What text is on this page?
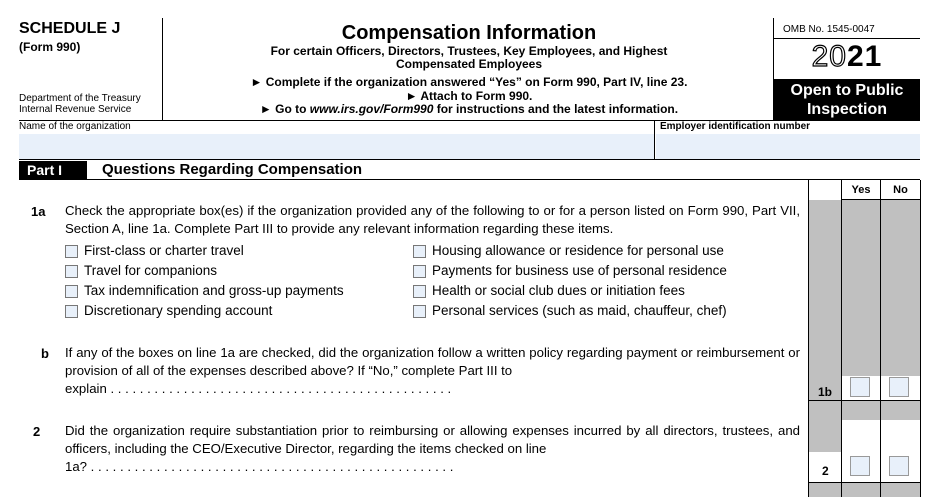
SCHEDULE J
(Form 990)
Department of the Treasury
Internal Revenue Service
Compensation Information
For certain Officers, Directors, Trustees, Key Employees, and Highest
Compensated Employees
► Complete if the organization answered “Yes” on Form 990, Part IV, line 23.
► Attach to Form 990.
► Go to www.irs.gov/Form990 for instructions and the latest information.
OMB No. 1545-0047
2021
Open to Public
Inspection
Name of the organization	Employer identification number
Part I	Questions Regarding Compensation
Yes	No
1a Check the appropriate box(es) if the organization provided any of the following to or for a person listed on Form 990, Part VII, Section A, line 1a. Complete Part III to provide any relevant information regarding these items.
First-class or charter travel
Travel for companions
Tax indemnification and gross-up payments
Discretionary spending account
Housing allowance or residence for personal use
Payments for business use of personal residence
Health or social club dues or initiation fees
Personal services (such as maid, chauffeur, chef)
b If any of the boxes on line 1a are checked, did the organization follow a written policy regarding payment or reimbursement or provision of all of the expenses described above? If “No,” complete Part III to
explain . . . . . . . . . . . . . . . . . . . . . . . . . . . . . . . . . . . . . . . . . . . . . . .	1b
2 Did the organization require substantiation prior to reimbursing or allowing expenses incurred by all directors, trustees, and officers, including the CEO/Executive Director, regarding the items checked on line
1a? . . . . . . . . . . . . . . . . . . . . . . . . . . . . . . . . . . . . . . . . . . . . . . . . . .	2
